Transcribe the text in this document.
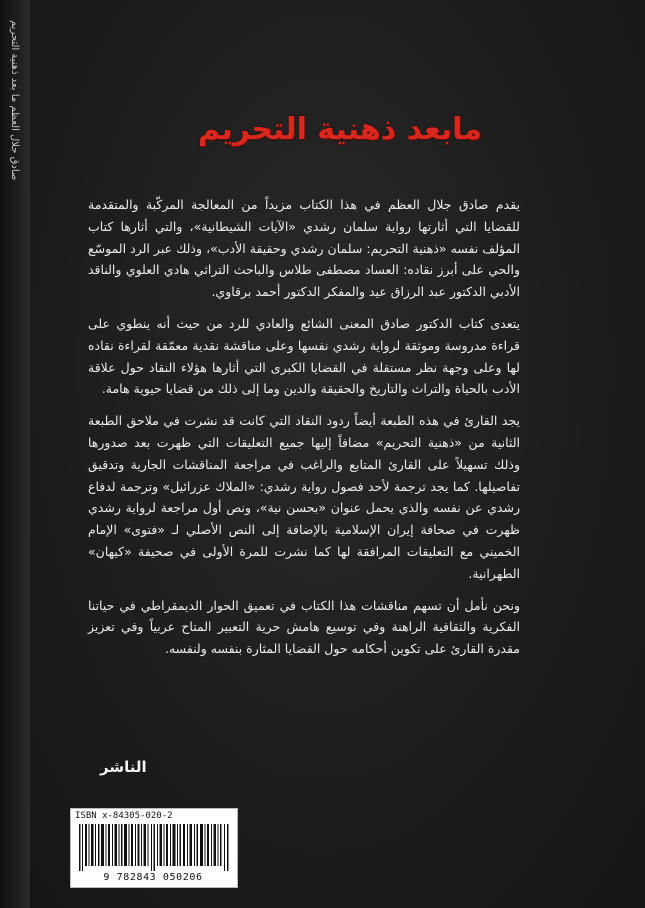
صادق جلال العظم ما بعد ذهنية التحريم	مابعد ذهنية التحريم

يقدم صادق جلال العظم في هذا الكتاب مزيداً من المعالجة المركّبة والمتقدمة للقضايا التي أثارتها رواية سلمان رشدي «الآيات الشيطانية»، والتي أثارها كتاب المؤلف نفسه «ذهنية التحريم: سلمان رشدي وحقيقة الأدب»، وذلك عبر الرد الموسّع والحي على أبرز نقاده: العساد مصطفى طلاس والباحث التراثي هادي العلوي والناقد الأدبي الدكتور عبد الرزاق عيد والمفكر الدكتور أحمد برقاوي.

يتعدى كتاب الدكتور صادق المعنى الشائع والعادي للرد من حيث أنه ينطوي على قراءة مدروسة وموثقة لرواية رشدي نفسها وعلى مناقشة نقدية معمّقة لقراءة نقاده لها وعلى وجهة نظر مستقلة في القضايا الكبرى التي أثارها هؤلاء النقاد حول علاقة الأدب بالحياة والتراث والتاريخ والحقيقة والدين وما إلى ذلك من قضايا حيوية هامة.

يجد القارئ في هذه الطبعة أيضاً ردود النقاد التي كانت قد نشرت في ملاحق الطبعة الثانية من «ذهنية التحريم» مضافاً إليها جميع التعليقات التي ظهرت بعد صدورها وذلك تسهيلاً على القارئ المتابع والراغب في مراجعة المناقشات الجارية وتدقيق تفاصيلها. كما يجد ترجمة لأحد فصول رواية رشدي: «الملاك عزرائيل» وترجمة لدفاع رشدي عن نفسه والذي يحمل عنوان «بحسن نية»، ونص أول مراجعة لرواية رشدي ظهرت في صحافة إيران الإسلامية بالإضافة إلى النص الأصلي لـ «فتوى» الإمام الخميني مع التعليقات المرافقة لها كما نشرت للمرة الأولى في صحيفة «كيهان» الطهرانية.

ونحن نأمل أن تسهم مناقشات هذا الكتاب في تعميق الحوار الديمقراطي في حياتنا الفكرية والثقافية الراهنة وفي توسيع هامش حرية التعبير المتاح عربياً وفي تعزيز مقدرة القارئ على تكوين أحكامه حول القضايا المثارة بنفسه ولنفسه.

الناشر
ISBN x-84305-020-2
9 782843 050206
